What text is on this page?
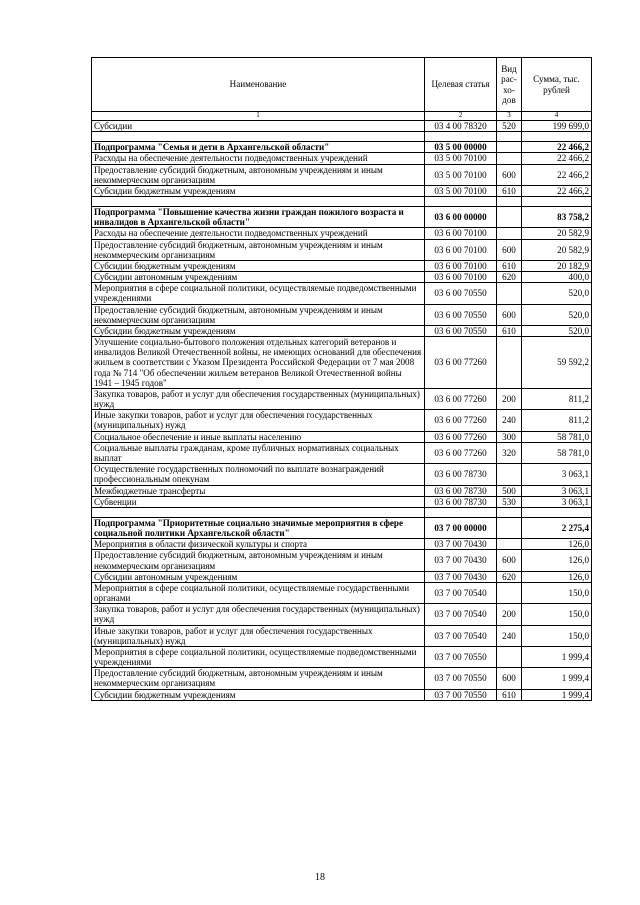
Наименование	Целевая статья	Вид рас-хо-дов	Сумма, тыс. рублей
1	2	3	4
Субсидии	03 4 00 78320	520	199 699,0

Подпрограмма "Семья и дети в Архангельской области"	03 5 00 00000		22 466,2
Расходы на обеспечение деятельности подведомственных учреждений	03 5 00 70100		22 466,2
Предоставление субсидий бюджетным, автономным учреждениям и иным некоммерческим организациям	03 5 00 70100	600	22 466,2
Субсидии бюджетным учреждениям	03 5 00 70100	610	22 466,2

Подпрограмма "Повышение качества жизни граждан пожилого возраста и инвалидов в Архангельской области"	03 6 00 00000		83 758,2
Расходы на обеспечение деятельности подведомственных учреждений	03 6 00 70100		20 582,9
Предоставление субсидий бюджетным, автономным учреждениям и иным некоммерческим организациям	03 6 00 70100	600	20 582,9
Субсидии бюджетным учреждениям	03 6 00 70100	610	20 182,9
Субсидии автономным учреждениям	03 6 00 70100	620	400,0
Мероприятия в сфере социальной политики, осуществляемые подведомственными учреждениями	03 6 00 70550		520,0
Предоставление субсидий бюджетным, автономным учреждениям и иным некоммерческим организациям	03 6 00 70550	600	520,0
Субсидии бюджетным учреждениям	03 6 00 70550	610	520,0
Улучшение социально-бытового положения отдельных категорий ветеранов и инвалидов Великой Отечественной войны, не имеющих оснований для обеспечения жильем в соответствии с Указом Президента Российской Федерации от 7 мая 2008 года № 714 "Об обеспечении жильем ветеранов Великой Отечественной войны 1941 – 1945 годов"	03 6 00 77260		59 592,2
Закупка товаров, работ и услуг для обеспечения государственных (муниципальных) нужд	03 6 00 77260	200	811,2
Иные закупки товаров, работ и услуг для обеспечения государственных (муниципальных) нужд	03 6 00 77260	240	811,2
Социальное обеспечение и иные выплаты населению	03 6 00 77260	300	58 781,0
Социальные выплаты гражданам, кроме публичных нормативных социальных выплат	03 6 00 77260	320	58 781,0
Осуществление государственных полномочий по выплате вознаграждений профессиональным опекунам	03 6 00 78730		3 063,1
Межбюджетные трансферты	03 6 00 78730	500	3 063,1
Субвенции	03 6 00 78730	530	3 063,1

Подпрограмма "Приоритетные социально значимые мероприятия в сфере социальной политики Архангельской области"	03 7 00 00000		2 275,4
Мероприятия в области физической культуры и спорта	03 7 00 70430		126,0
Предоставление субсидий бюджетным, автономным учреждениям и иным некоммерческим организациям	03 7 00 70430	600	126,0
Субсидии автономным учреждениям	03 7 00 70430	620	126,0
Мероприятия в сфере социальной политики, осуществляемые государственными органами	03 7 00 70540		150,0
Закупка товаров, работ и услуг для обеспечения государственных (муниципальных) нужд	03 7 00 70540	200	150,0
Иные закупки товаров, работ и услуг для обеспечения государственных (муниципальных) нужд	03 7 00 70540	240	150,0
Мероприятия в сфере социальной политики, осуществляемые подведомственными учреждениями	03 7 00 70550		1 999,4
Предоставление субсидий бюджетным, автономным учреждениям и иным некоммерческим организациям	03 7 00 70550	600	1 999,4
Субсидии бюджетным учреждениям	03 7 00 70550	610	1 999,4
18
